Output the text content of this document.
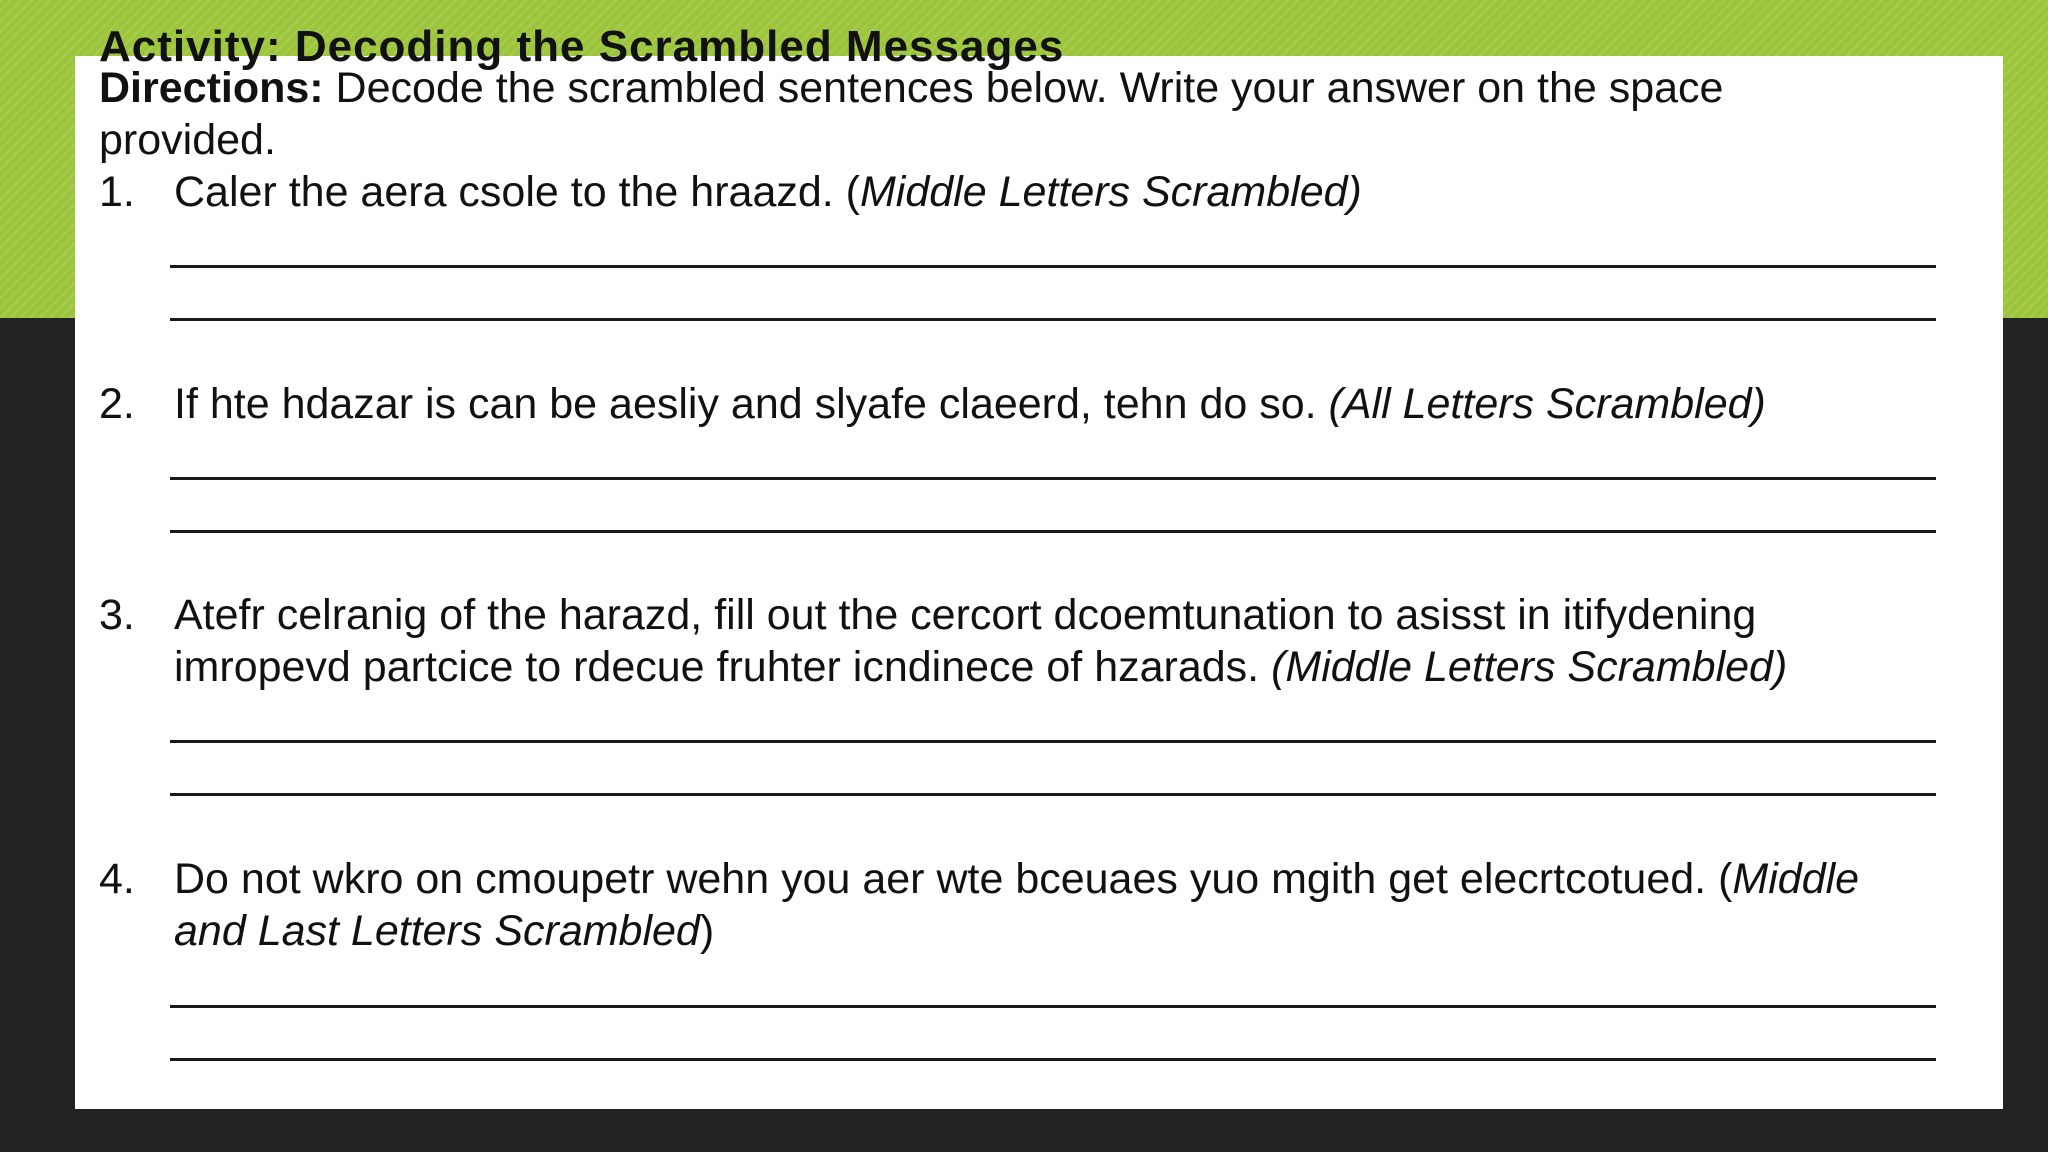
Activity: Decoding the Scrambled Messages
Directions: Decode the scrambled sentences below. Write your answer on the space
provided.
1. Caler the aera csole to the hraazd. (Middle Letters Scrambled)
2. If hte hdazar is can be aesliy and slyafe claeerd, tehn do so. (All Letters Scrambled)
3. Atefr celranig of the harazd, fill out the cercort dcoemtunation to asisst in itifydening
imropevd partcice to rdecue fruhter icndinece of hzarads. (Middle Letters Scrambled)
4. Do not wkro on cmoupetr wehn you aer wte bceuaes yuo mgith get elecrtcotued. (Middle
and Last Letters Scrambled)
